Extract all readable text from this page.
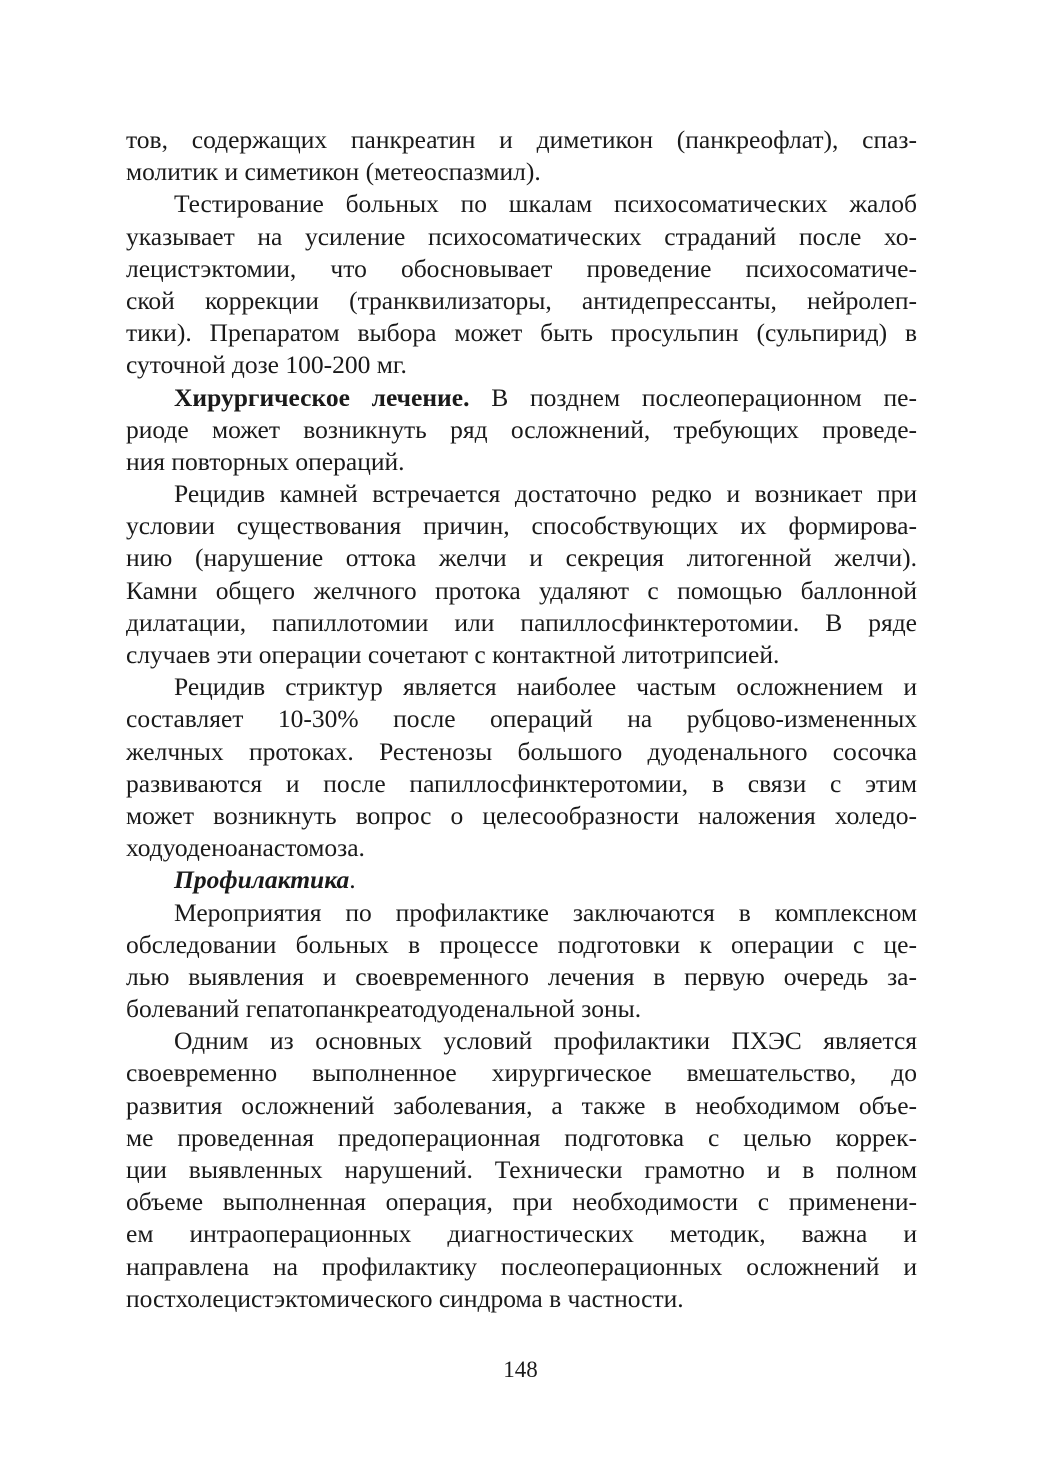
тов, содержащих панкреатин и диметикон (панкреофлат), спаз-
молитик и симетикон (метеоспазмил).
Тестирование больных по шкалам психосоматических жалоб
указывает на усиление психосоматических страданий после хо-
лецистэктомии, что обосновывает проведение психосоматиче-
ской коррекции (транквилизаторы, антидепрессанты, нейролеп-
тики). Препаратом выбора может быть просульпин (сульпирид) в
суточной дозе 100-200 мг.
Хирургическое лечение. В позднем послеоперационном пе-
риоде может возникнуть ряд осложнений, требующих проведе-
ния повторных операций.
Рецидив камней встречается достаточно редко и возникает при
условии существования причин, способствующих их формирова-
нию (нарушение оттока желчи и секреция литогенной желчи).
Камни общего желчного протока удаляют с помощью баллонной
дилатации, папиллотомии или папиллосфинктеротомии. В ряде
случаев эти операции сочетают с контактной литотрипсией.
Рецидив стриктур является наиболее частым осложнением и
составляет 10-30% после операций на рубцово-измененных
желчных протоках. Рестенозы большого дуоденального сосочка
развиваются и после папиллосфинктеротомии, в связи с этим
может возникнуть вопрос о целесообразности наложения холедо-
ходуоденоанастомоза.
Профилактика.
Мероприятия по профилактике заключаются в комплексном
обследовании больных в процессе подготовки к операции с це-
лью выявления и своевременного лечения в первую очередь за-
болеваний гепатопанкреатодуоденальной зоны.
Одним из основных условий профилактики ПХЭС является
своевременно выполненное хирургическое вмешательство, до
развития осложнений заболевания, а также в необходимом объе-
ме проведенная предоперационная подготовка с целью коррек-
ции выявленных нарушений. Технически грамотно и в полном
объеме выполненная операция, при необходимости с применени-
ем интраоперационных диагностических методик, важна и
направлена на профилактику послеоперационных осложнений и
постхолецистэктомического синдрома в частности.
148
